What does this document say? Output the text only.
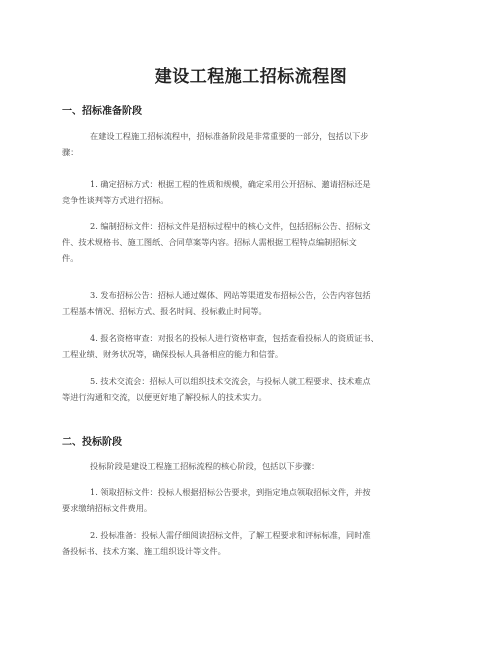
建设工程施工招标流程图
一、招标准备阶段
在建设工程施工招标流程中，招标准备阶段是非常重要的一部分，包括以下步
骤：
1. 确定招标方式：根据工程的性质和规模，确定采用公开招标、邀请招标还是
竞争性谈判等方式进行招标。
2. 编制招标文件：招标文件是招标过程中的核心文件，包括招标公告、招标文
件、技术规格书、施工图纸、合同草案等内容。招标人需根据工程特点编制招标文
件。
3. 发布招标公告：招标人通过媒体、网站等渠道发布招标公告，公告内容包括
工程基本情况、招标方式、报名时间、投标截止时间等。
4. 报名资格审查：对报名的投标人进行资格审查，包括查看投标人的资质证书、
工程业绩、财务状况等，确保投标人具备相应的能力和信誉。
5. 技术交流会：招标人可以组织技术交流会，与投标人就工程要求、技术难点
等进行沟通和交流，以便更好地了解投标人的技术实力。
二、投标阶段
投标阶段是建设工程施工招标流程的核心阶段，包括以下步骤：
1. 领取招标文件：投标人根据招标公告要求，到指定地点领取招标文件，并按
要求缴纳招标文件费用。
2. 投标准备：投标人需仔细阅读招标文件，了解工程要求和评标标准，同时准
备投标书、技术方案、施工组织设计等文件。
